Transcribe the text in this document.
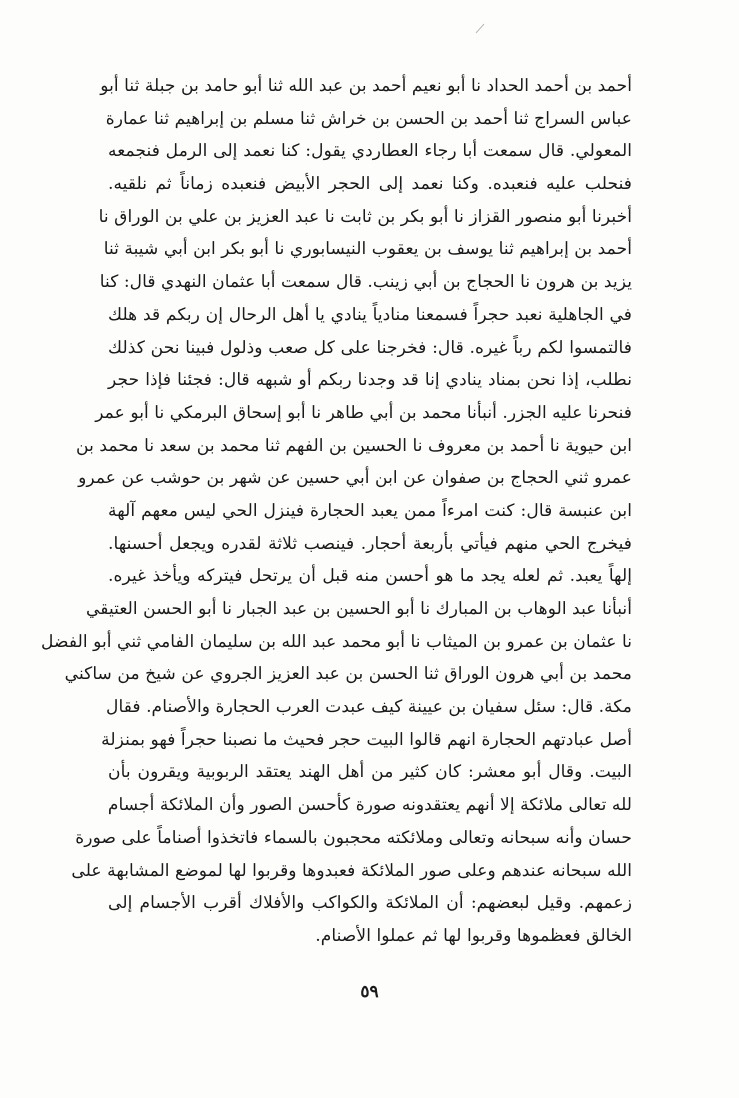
أحمد بن أحمد الحداد نا أبو نعيم أحمد بن عبد الله ثنا أبو حامد بن جبلة ثنا أبو
عباس السراج ثنا أحمد بن الحسن بن خراش ثنا مسلم بن إبراهيم ثنا عمارة
المعولي. قال سمعت أبا رجاء العطاردي يقول: كنا نعمد إلى الرمل فنجمعه
فنحلب عليه فنعبده. وكنا نعمد إلى الحجر الأبيض فنعبده زماناً ثم نلقيه.
أخبرنا أبو منصور القزاز نا أبو بكر بن ثابت نا عبد العزيز بن علي بن الوراق نا
أحمد بن إبراهيم ثنا يوسف بن يعقوب النيسابوري نا أبو بكر ابن أبي شيبة ثنا
يزيد بن هرون نا الحجاج بن أبي زينب. قال سمعت أبا عثمان النهدي قال: كنا
في الجاهلية نعبد حجراً فسمعنا منادياً ينادي يا أهل الرحال إن ربكم قد هلك
فالتمسوا لكم رباً غيره. قال: فخرجنا على كل صعب وذلول فبينا نحن كذلك
نطلب، إذا نحن بمناد ينادي إنا قد وجدنا ربكم أو شبهه قال: فجئنا فإذا حجر
فنحرنا عليه الجزر. أنبأنا محمد بن أبي طاهر نا أبو إسحاق البرمكي نا أبو عمر
ابن حيوية نا أحمد بن معروف نا الحسين بن الفهم ثنا محمد بن سعد نا محمد بن
عمرو ثني الحجاج بن صفوان عن ابن أبي حسين عن شهر بن حوشب عن عمرو
ابن عنبسة قال: كنت امرءاً ممن يعبد الحجارة فينزل الحي ليس معهم آلهة
فيخرج الحي منهم فيأتي بأربعة أحجار. فينصب ثلاثة لقدره ويجعل أحسنها.
إلهاً يعبد. ثم لعله يجد ما هو أحسن منه قبل أن يرتحل فيتركه ويأخذ غيره.
أنبأنا عبد الوهاب بن المبارك نا أبو الحسين بن عبد الجبار نا أبو الحسن العتيقي
نا عثمان بن عمرو بن الميثاب نا أبو محمد عبد الله بن سليمان الفامي ثني أبو الفضل
محمد بن أبي هرون الوراق ثنا الحسن بن عبد العزيز الجروي عن شيخ من ساكني
مكة. قال: سئل سفيان بن عيينة كيف عبدت العرب الحجارة والأصنام. فقال
أصل عبادتهم الحجارة انهم قالوا البيت حجر فحيث ما نصبنا حجراً فهو بمنزلة
البيت. وقال أبو معشر: كان كثير من أهل الهند يعتقد الربوبية ويقرون بأن
لله تعالى ملائكة إلا أنهم يعتقدونه صورة كأحسن الصور وأن الملائكة أجسام
حسان وأنه سبحانه وتعالى وملائكته محجبون بالسماء فاتخذوا أصناماً على صورة
الله سبحانه عندهم وعلى صور الملائكة فعبدوها وقربوا لها لموضع المشابهة على
زعمهم. وقيل لبعضهم: أن الملائكة والكواكب والأفلاك أقرب الأجسام إلى
الخالق فعظموها وقربوا لها ثم عملوا الأصنام.
٥٩
